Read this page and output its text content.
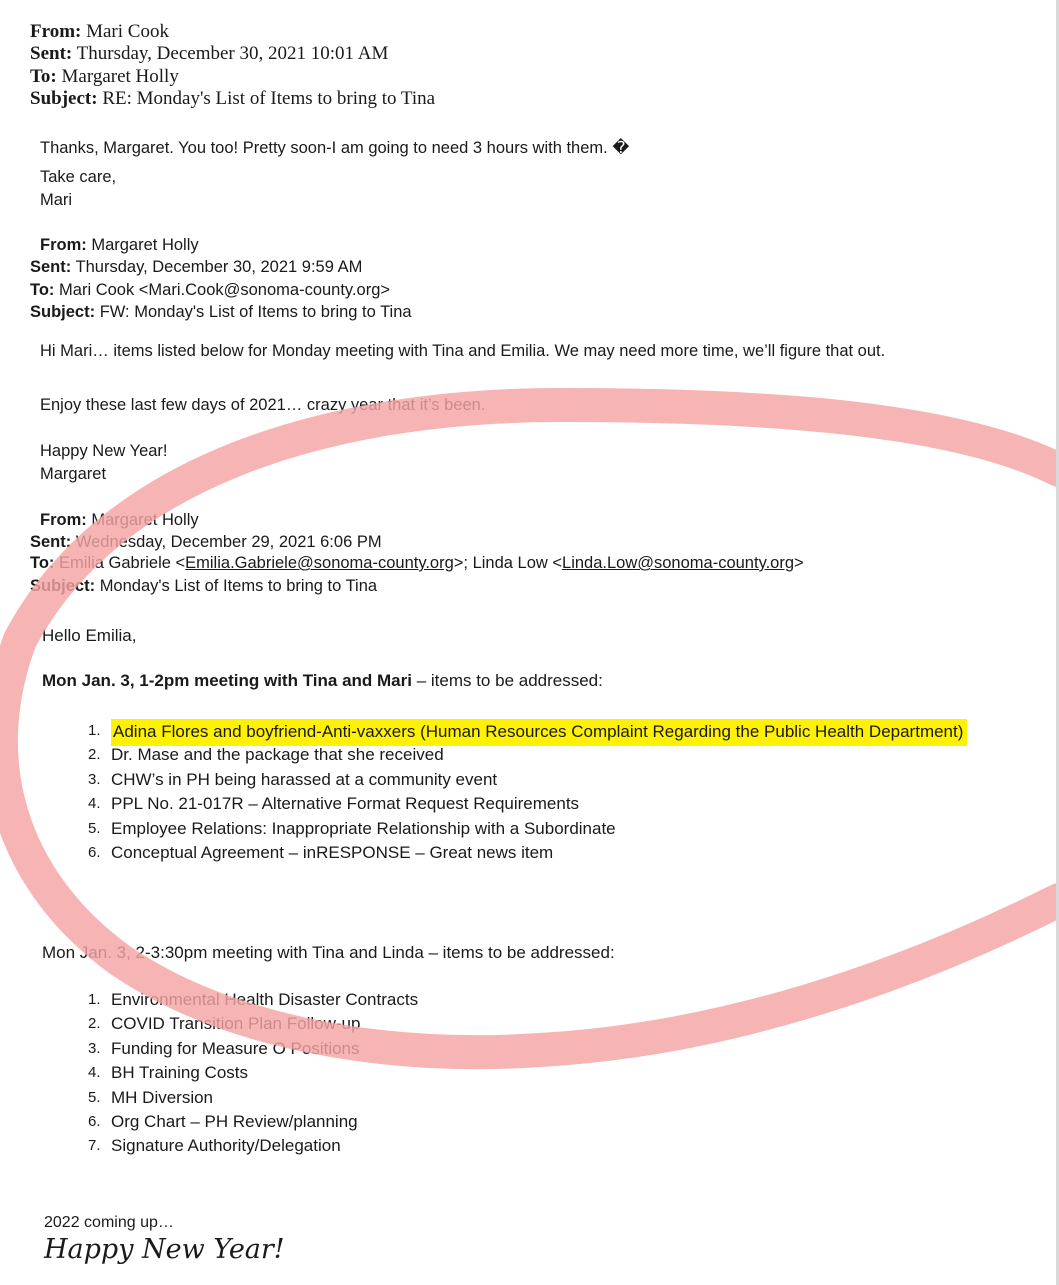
From: Mari Cook
Sent: Thursday, December 30, 2021 10:01 AM
To: Margaret Holly
Subject: RE: Monday's List of Items to bring to Tina
Thanks, Margaret. You too! Pretty soon-I am going to need 3 hours with them. �
Take care,
Mari
From: Margaret Holly
Sent: Thursday, December 30, 2021 9:59 AM
To: Mari Cook <Mari.Cook@sonoma-county.org>
Subject: FW: Monday's List of Items to bring to Tina
Hi Mari… items listed below for Monday meeting with Tina and Emilia. We may need more time, we’ll figure that out.
Enjoy these last few days of 2021… crazy year that it’s been.
Happy New Year!
Margaret
From: Margaret Holly
Sent: Wednesday, December 29, 2021 6:06 PM
To: Emilia Gabriele <Emilia.Gabriele@sonoma-county.org>; Linda Low <Linda.Low@sonoma-county.org>
Subject: Monday's List of Items to bring to Tina
Hello Emilia,
Mon Jan. 3, 1-2pm meeting with Tina and Mari – items to be addressed:
1. Adina Flores and boyfriend-Anti-vaxxers (Human Resources Complaint Regarding the Public Health Department)
2. Dr. Mase and the package that she received
3. CHW’s in PH being harassed at a community event
4. PPL No. 21-017R – Alternative Format Request Requirements
5. Employee Relations: Inappropriate Relationship with a Subordinate
6. Conceptual Agreement – inRESPONSE – Great news item
Mon Jan. 3, 2-3:30pm meeting with Tina and Linda – items to be addressed:
1. Environmental Health Disaster Contracts
2. COVID Transition Plan Follow-up
3. Funding for Measure O Positions
4. BH Training Costs
5. MH Diversion
6. Org Chart – PH Review/planning
7. Signature Authority/Delegation
2022 coming up…
Happy New Year!
